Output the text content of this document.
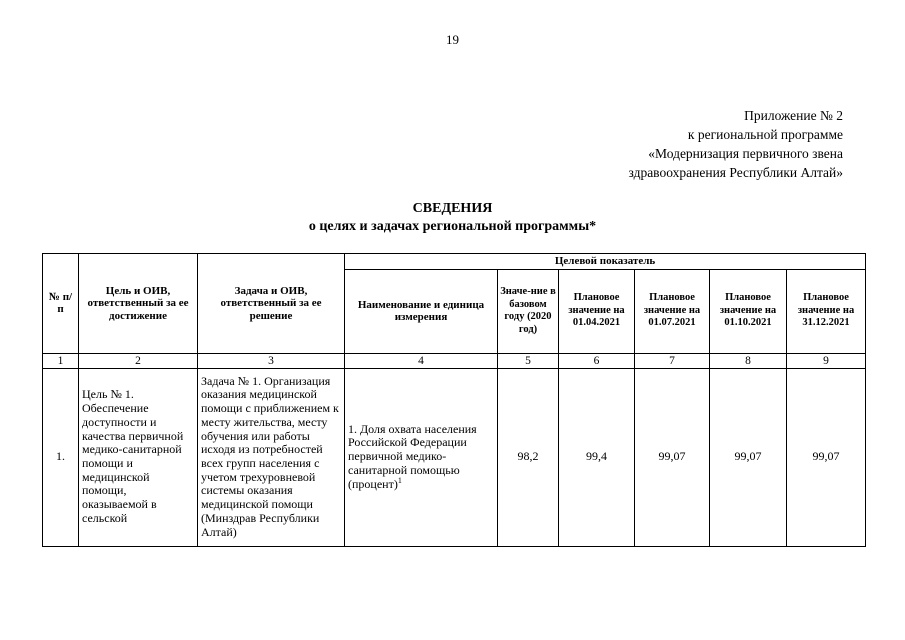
19
Приложение № 2
к региональной программе
«Модернизация первичного звена
здравоохранения Республики Алтай»
СВЕДЕНИЯ
о целях и задачах региональной программы*
№ п/п	Цель и ОИВ, ответственный за ее достижение	Задача и ОИВ, ответственный за ее решение	Целевой показатель					
			Наименование и единица измерения	Значе-ние в базовом году (2020 год)	Плановое значение на 01.04.2021	Плановое значение на 01.07.2021	Плановое значение на 01.10.2021	Плановое значение на 31.12.2021
1	2	3	4	5	6	7	8	9
1.	Цель № 1. Обеспечение доступности и качества первичной медико-санитарной помощи и медицинской помощи, оказываемой в сельской	Задача № 1. Организация оказания медицинской помощи с приближением к месту жительства, месту обучения или работы исходя из потребностей всех групп населения с учетом трехуровневой системы оказания медицинской помощи (Минздрав Республики Алтай)	1. Доля охвата населения Российской Федерации первичной медико-санитарной помощью (процент)$^1$	98,2	99,4	99,07	99,07	99,07
